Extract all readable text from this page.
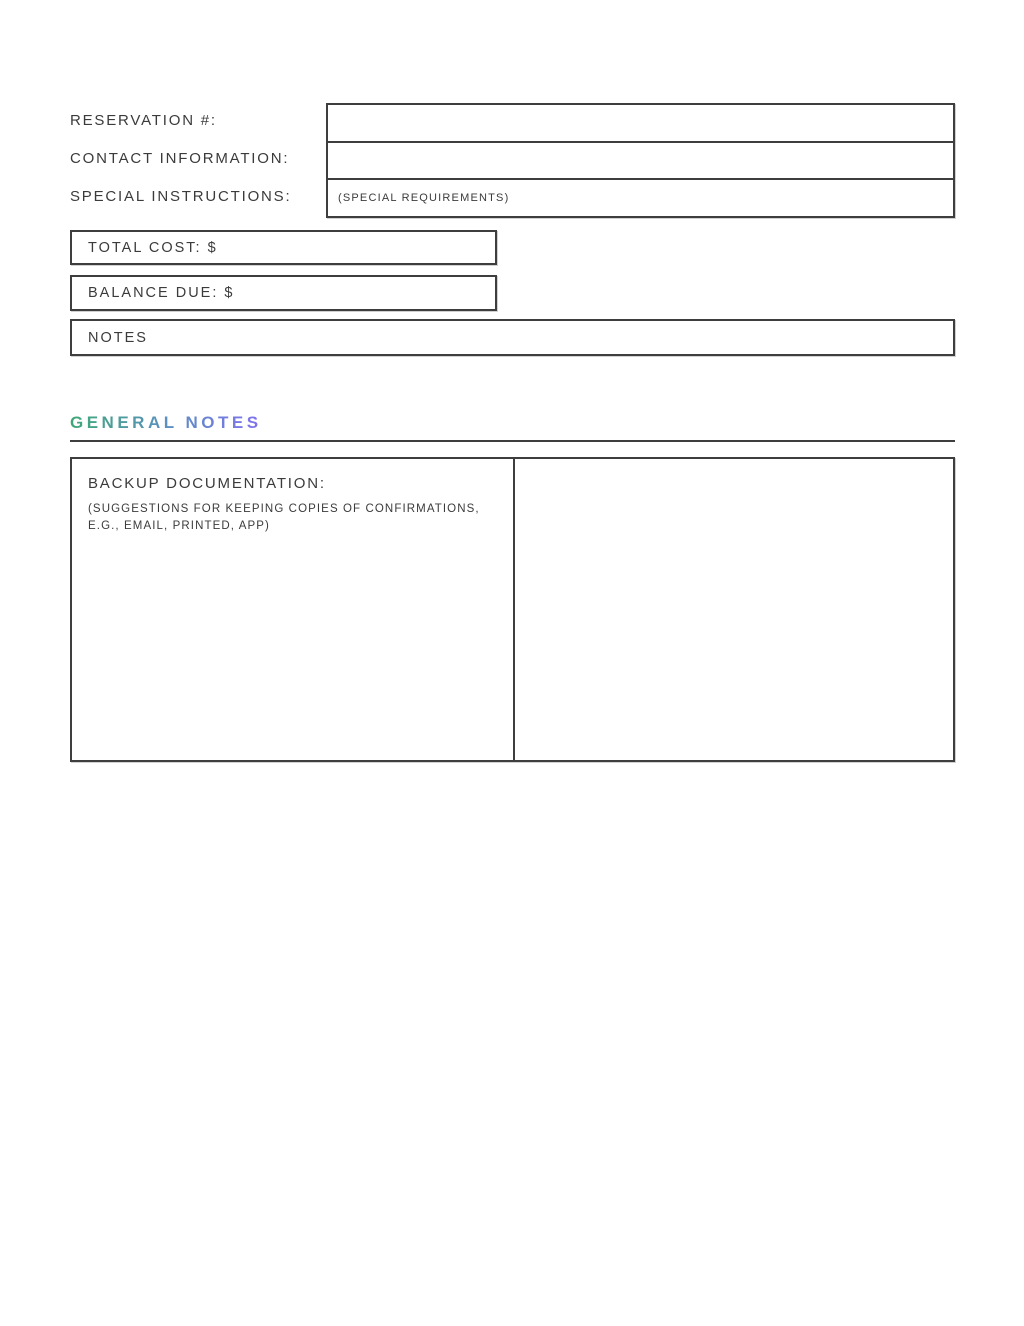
RESERVATION #:
CONTACT INFORMATION:
SPECIAL INSTRUCTIONS:	(SPECIAL REQUIREMENTS)
TOTAL COST: $
BALANCE DUE: $
NOTES
GENERAL NOTES
BACKUP DOCUMENTATION:
(SUGGESTIONS FOR KEEPING COPIES OF CONFIRMATIONS,
E.G., EMAIL, PRINTED, APP)
